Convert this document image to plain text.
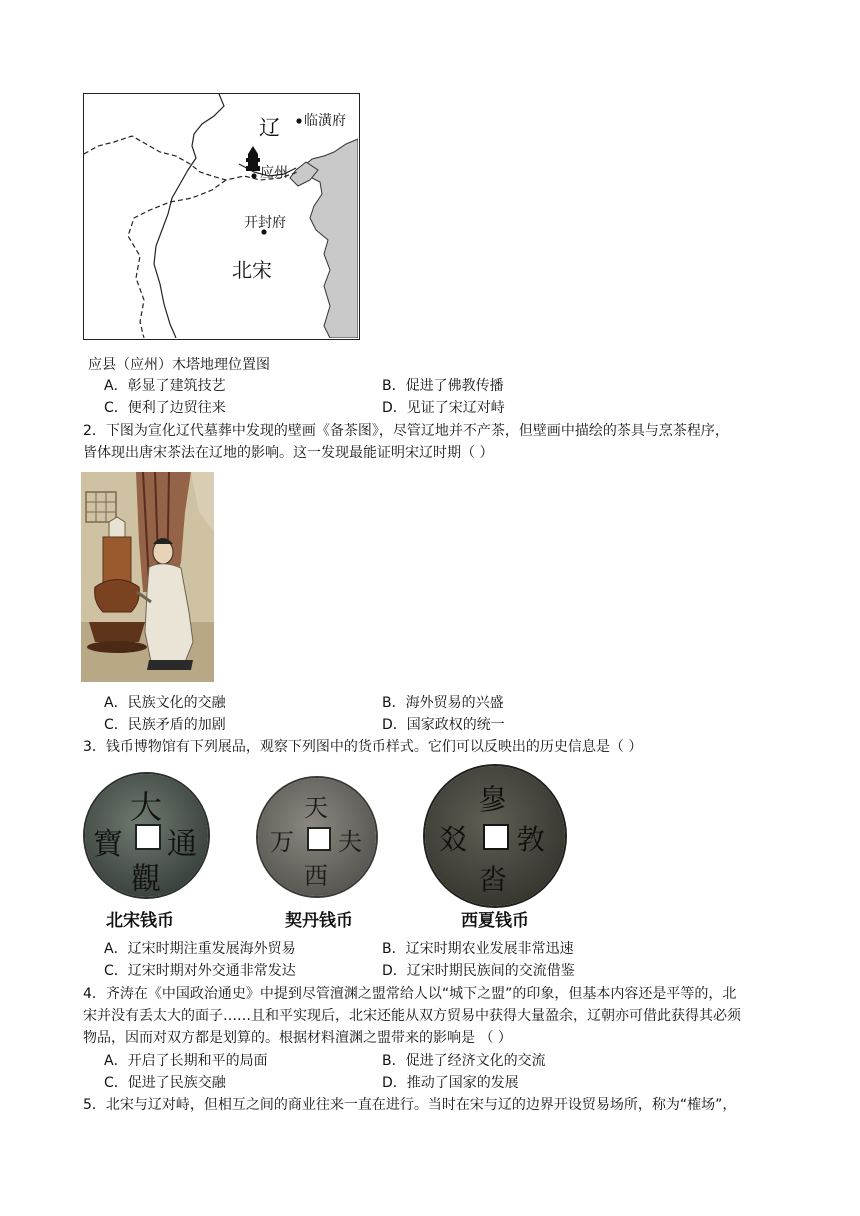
辽 临潢府
应州
开封府
北宋
应县（应州）木塔地理位置图
A．彰显了建筑技艺	B．促进了佛教传播
C．便利了边贸往来	D．见证了宋辽对峙
2．下图为宣化辽代墓葬中发现的壁画《备茶图》，尽管辽地并不产茶，但壁画中描绘的茶具与烹茶程序，
皆体现出唐宋茶法在辽地的影响。这一发现最能证明宋辽时期（ ）
A．民族文化的交融	B．海外贸易的兴盛
C．民族矛盾的加剧	D．国家政权的统一
3．钱币博物馆有下列展品，观察下列图中的货币样式。它们可以反映出的历史信息是（ ）
大
通
觀
寶
北宋钱币
天
夫
西
万
契丹钱币
㣎
㪍
㳫
㸚
西夏钱币
A．辽宋时期注重发展海外贸易	B．辽宋时期农业发展非常迅速
C．辽宋时期对外交通非常发达	D．辽宋时期民族间的交流借鉴
4．齐涛在《中国政治通史》中提到尽管澶渊之盟常给人以“城下之盟”的印象，但基本内容还是平等的，北
宋并没有丢太大的面子……且和平实现后，北宋还能从双方贸易中获得大量盈余，辽朝亦可借此获得其必须
物品，因而对双方都是划算的。根据材料澶渊之盟带来的影响是 （ ）
A．开启了长期和平的局面	B．促进了经济文化的交流
C．促进了民族交融	D．推动了国家的发展
5．北宋与辽对峙，但相互之间的商业往来一直在进行。当时在宋与辽的边界开设贸易场所，称为“榷场”，
